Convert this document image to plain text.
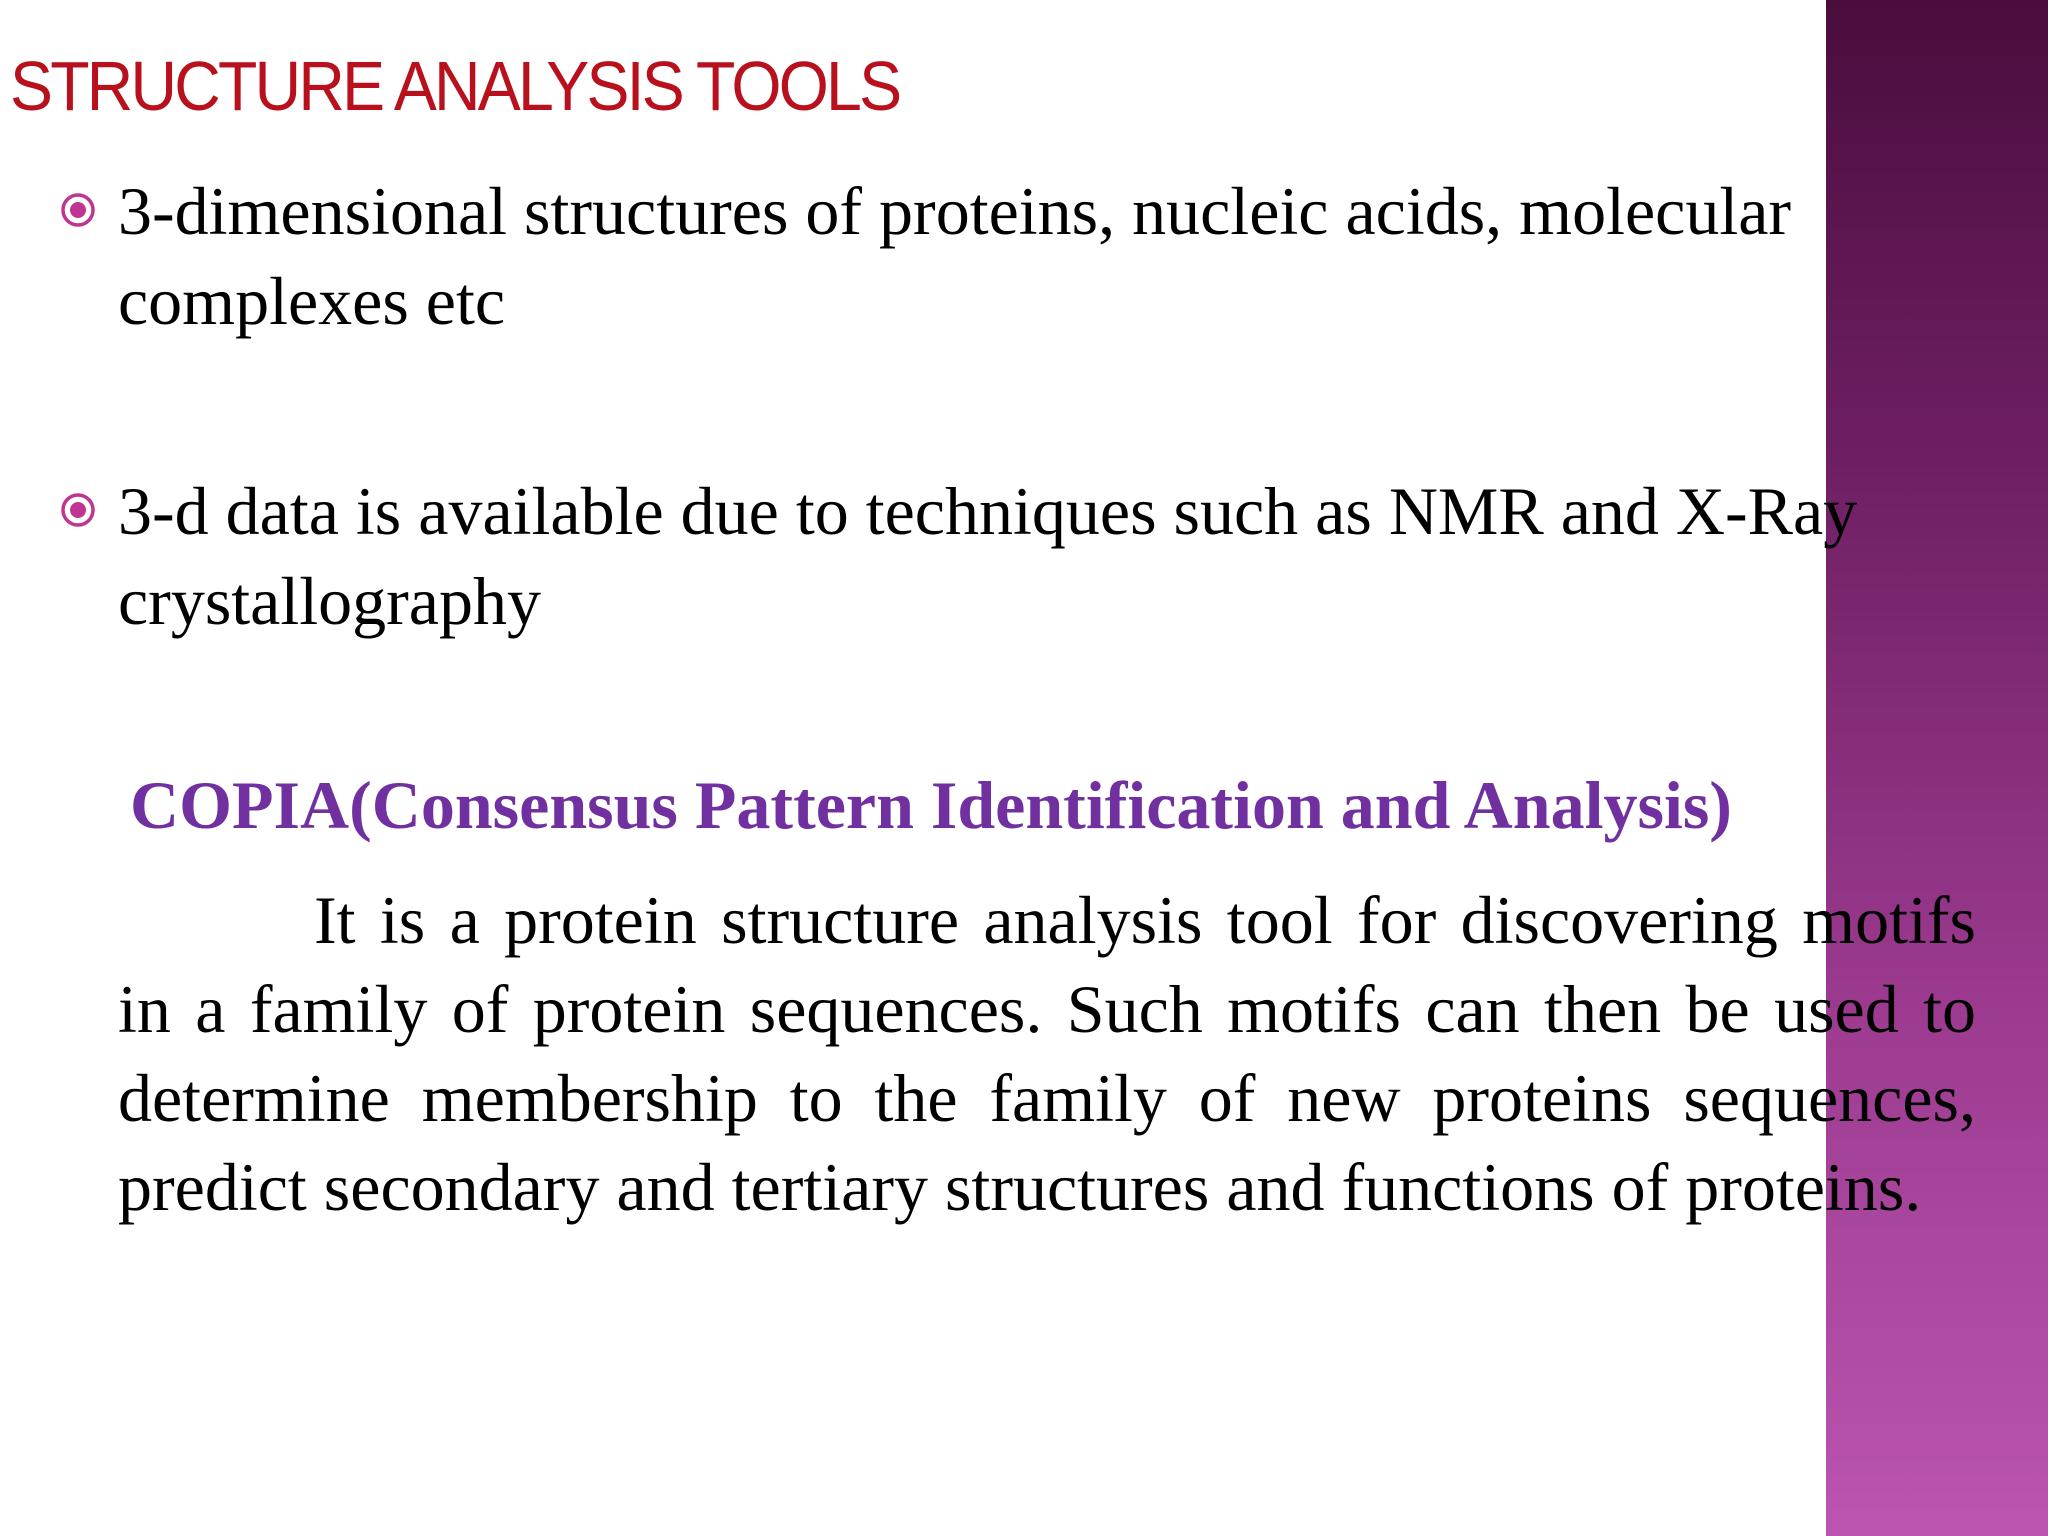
STRUCTURE ANALYSIS TOOLS
3-dimensional structures of proteins, nucleic acids, molecular complexes etc
3-d data is available due to techniques such as NMR and X-Ray crystallography
COPIA(Consensus Pattern Identification and Analysis)

It is a protein structure analysis tool for discovering motifs in a family of protein sequences. Such motifs can then be used to determine membership to the family of new proteins sequences, predict secondary and tertiary structures and functions of proteins.
